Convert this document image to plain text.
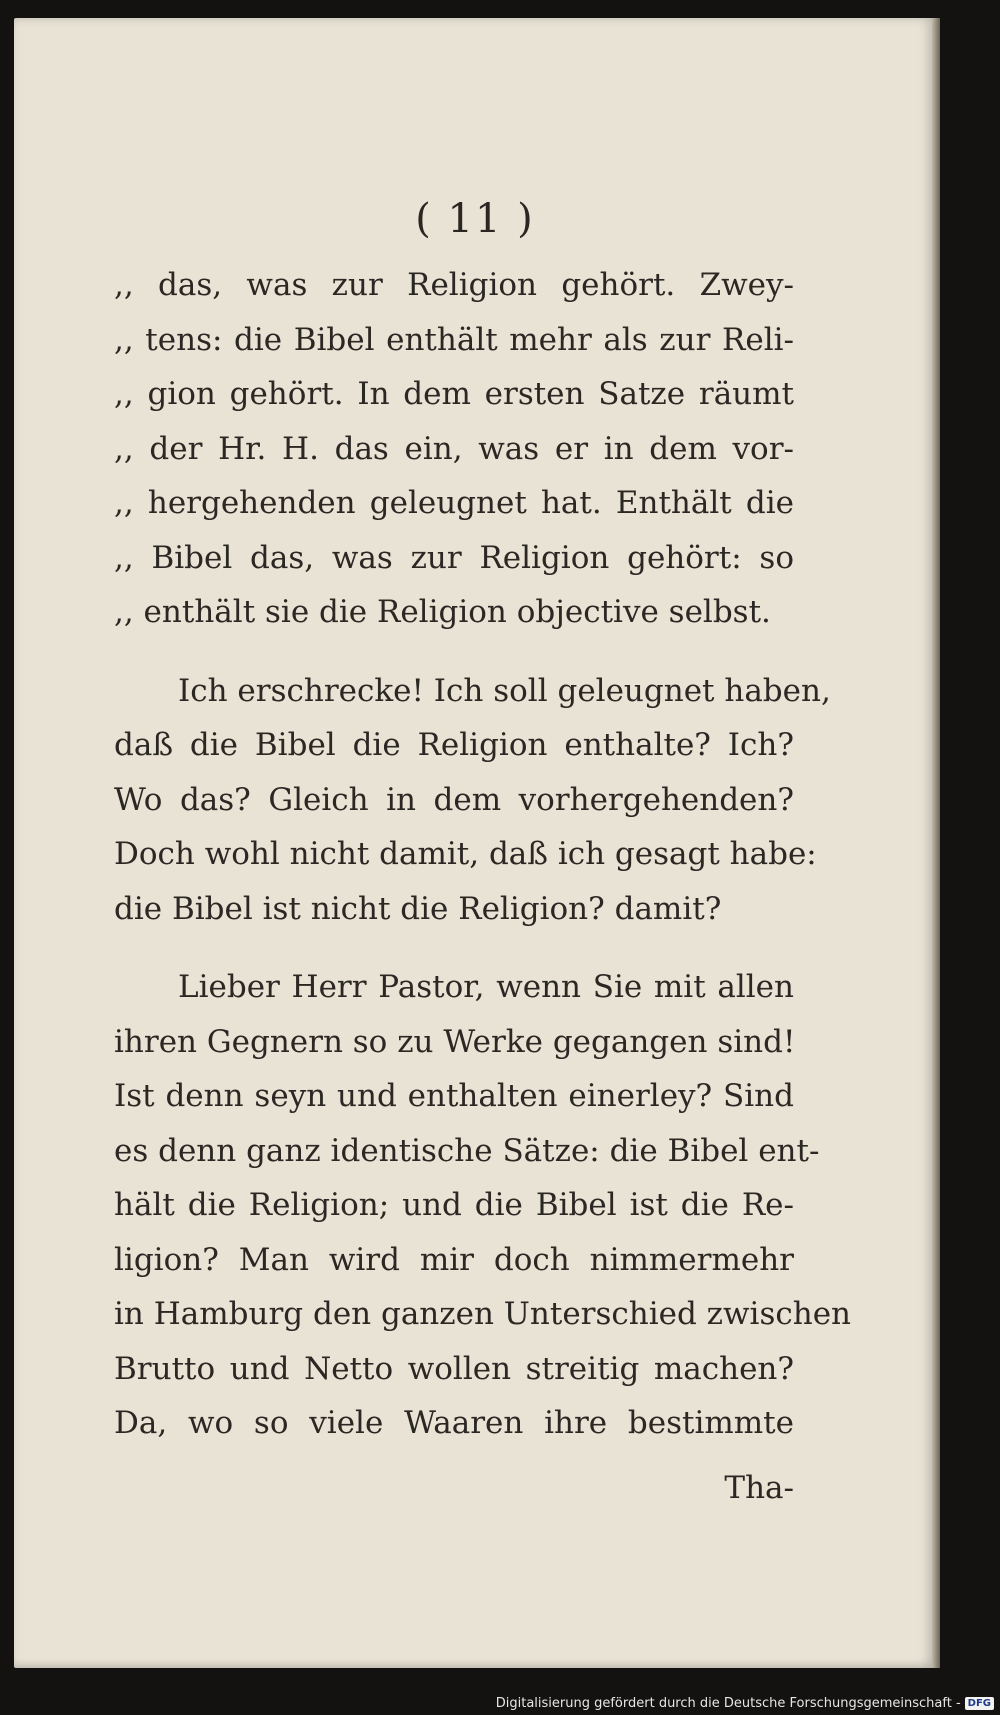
( 11 )
,, das, was zur Religion gehört. Zwey-
,, tens: die Bibel enthält mehr als zur Reli-
,, gion gehört. In dem ersten Satze räumt
,, der Hr. H. das ein, was er in dem vor-
,, hergehenden geleugnet hat. Enthält die
,, Bibel das, was zur Religion gehört: so
,, enthält sie die Religion objective selbst.
Ich erschrecke! Ich soll geleugnet haben,
daß die Bibel die Religion enthalte? Ich?
Wo das? Gleich in dem vorhergehenden?
Doch wohl nicht damit, daß ich gesagt habe:
die Bibel ist nicht die Religion? damit?
Lieber Herr Pastor, wenn Sie mit allen
ihren Gegnern so zu Werke gegangen sind!
Ist denn seyn und enthalten einerley? Sind
es denn ganz identische Sätze: die Bibel ent-
hält die Religion; und die Bibel ist die Re-
ligion? Man wird mir doch nimmermehr
in Hamburg den ganzen Unterschied zwischen
Brutto und Netto wollen streitig machen?
Da, wo so viele Waaren ihre bestimmte
Tha-
Digitalisierung gefördert durch die Deutsche Forschungsgemeinschaft - DFG
